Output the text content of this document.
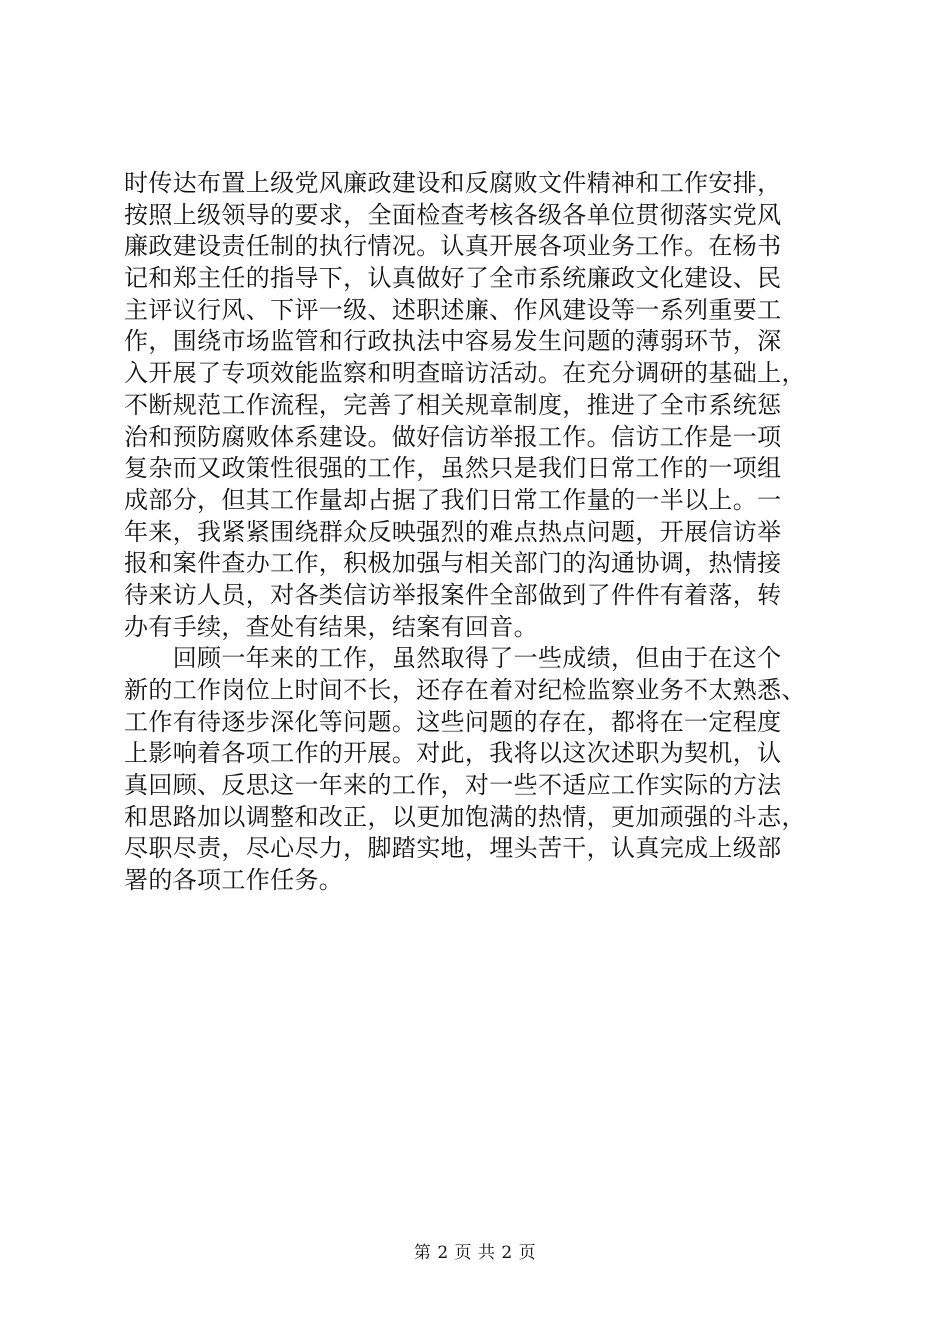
时传达布置上级党风廉政建设和反腐败文件精神和工作安排，
按照上级领导的要求，全面检查考核各级各单位贯彻落实党风
廉政建设责任制的执行情况。认真开展各项业务工作。在杨书
记和郑主任的指导下，认真做好了全市系统廉政文化建设、民
主评议行风、下评一级、述职述廉、作风建设等一系列重要工
作，围绕市场监管和行政执法中容易发生问题的薄弱环节，深
入开展了专项效能监察和明查暗访活动。在充分调研的基础上，
不断规范工作流程，完善了相关规章制度，推进了全市系统惩
治和预防腐败体系建设。做好信访举报工作。信访工作是一项
复杂而又政策性很强的工作，虽然只是我们日常工作的一项组
成部分，但其工作量却占据了我们日常工作量的一半以上。一
年来，我紧紧围绕群众反映强烈的难点热点问题，开展信访举
报和案件查办工作，积极加强与相关部门的沟通协调，热情接
待来访人员，对各类信访举报案件全部做到了件件有着落，转
办有手续，查处有结果，结案有回音。
　　回顾一年来的工作，虽然取得了一些成绩，但由于在这个
新的工作岗位上时间不长，还存在着对纪检监察业务不太熟悉、
工作有待逐步深化等问题。这些问题的存在，都将在一定程度
上影响着各项工作的开展。对此，我将以这次述职为契机，认
真回顾、反思这一年来的工作，对一些不适应工作实际的方法
和思路加以调整和改正，以更加饱满的热情，更加顽强的斗志，
尽职尽责，尽心尽力，脚踏实地，埋头苦干，认真完成上级部
署的各项工作任务。
第 2 页 共 2 页
